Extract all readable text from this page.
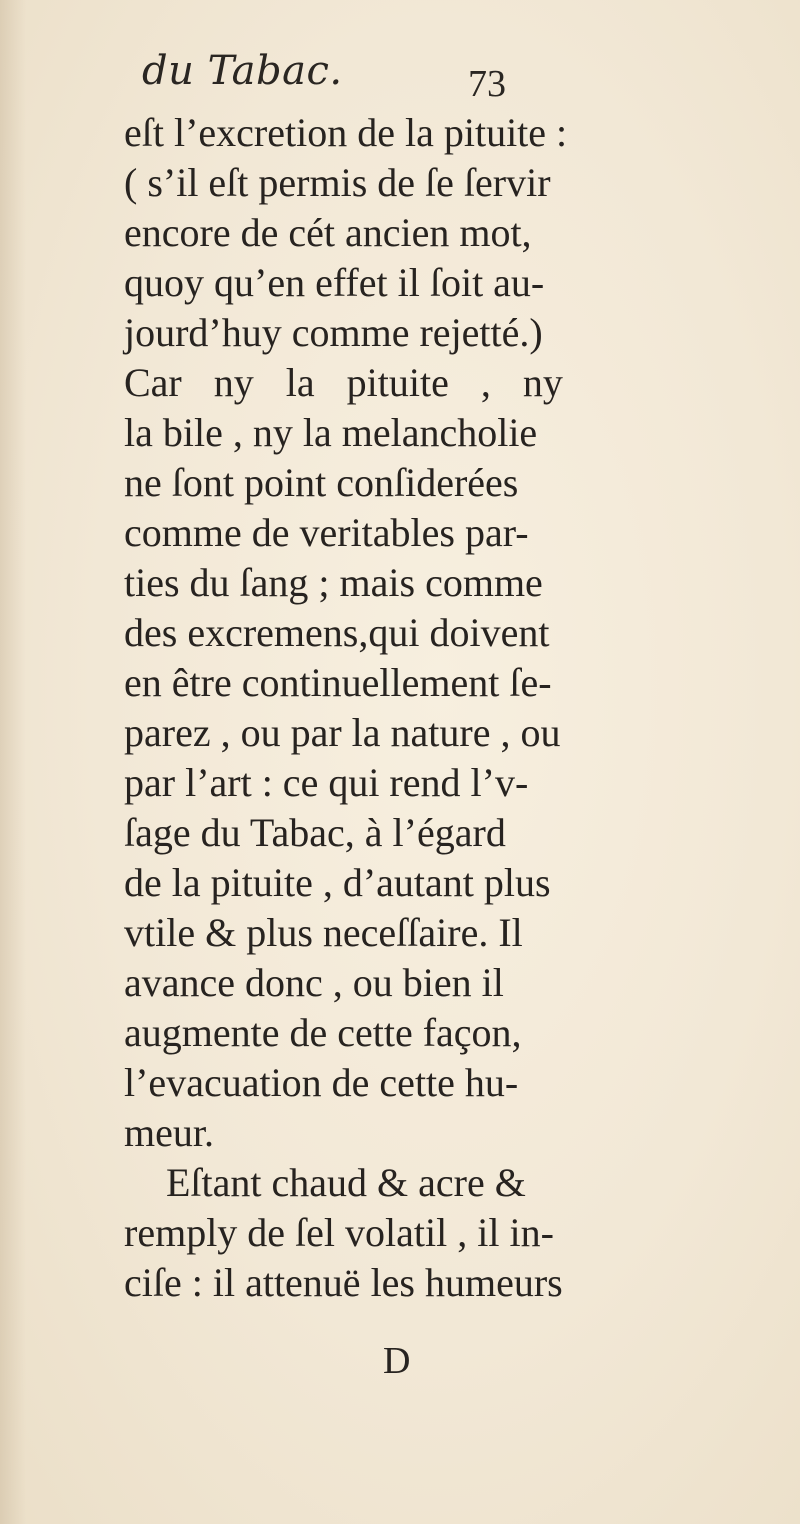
du Tabac.	73
eſt l’excretion de la pituite :
( s’il eſt permis de ſe ſervir
encore de cét ancien mot,
quoy qu’en effet il ſoit au-
jourd’huy comme rejetté.)
Car ny la pituite , ny
la bile , ny la melancholie
ne ſont point conſiderées
comme de veritables par-
ties du ſang ; mais comme
des excremens,qui doivent
en être continuellement ſe-
parez , ou par la nature , ou
par l’art : ce qui rend l’v-
ſage du Tabac, à l’égard
de la pituite , d’autant plus
vtile & plus neceſſaire. Il
avance donc , ou bien il
augmente de cette façon,
l’evacuation de cette hu-
meur.
Eſtant chaud & acre &
remply de ſel volatil , il in-
ciſe : il attenuë les humeurs
D
